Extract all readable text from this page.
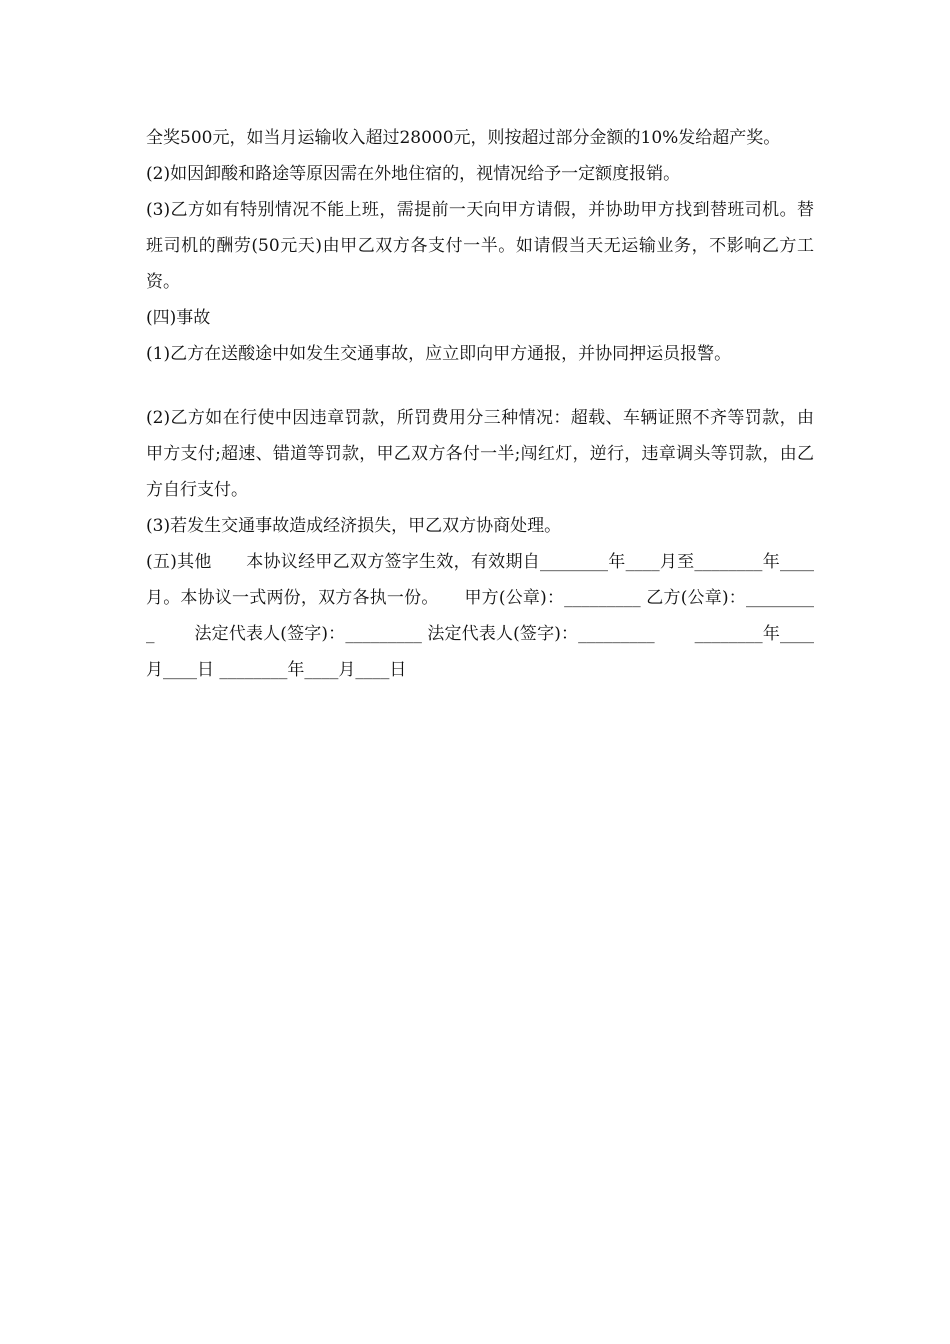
全奖500元，如当月运输收入超过28000元，则按超过部分金额的10%发给超产奖。

(2)如因卸酸和路途等原因需在外地住宿的，视情况给予一定额度报销。

(3)乙方如有特别情况不能上班，需提前一天向甲方请假，并协助甲方找到替班司机。替班司机的酬劳(50元天)由甲乙双方各支付一半。如请假当天无运输业务，不影响乙方工资。

(四)事故

(1)乙方在送酸途中如发生交通事故，应立即向甲方通报，并协同押运员报警。

(2)乙方如在行使中因违章罚款，所罚费用分三种情况：超载、车辆证照不齐等罚款，由甲方支付;超速、错道等罚款，甲乙双方各付一半;闯红灯，逆行，违章调头等罚款，由乙方自行支付。

(3)若发生交通事故造成经济损失，甲乙双方协商处理。

(五)其他　　本协议经甲乙双方签字生效，有效期自________年____月至________年____月。本协议一式两份，双方各执一份。　　甲方(公章)：_________ 乙方(公章)：_________　　 法定代表人(签字)：_________ 法定代表人(签字)：_________　　 ________年____月____日 ________年____月____日
